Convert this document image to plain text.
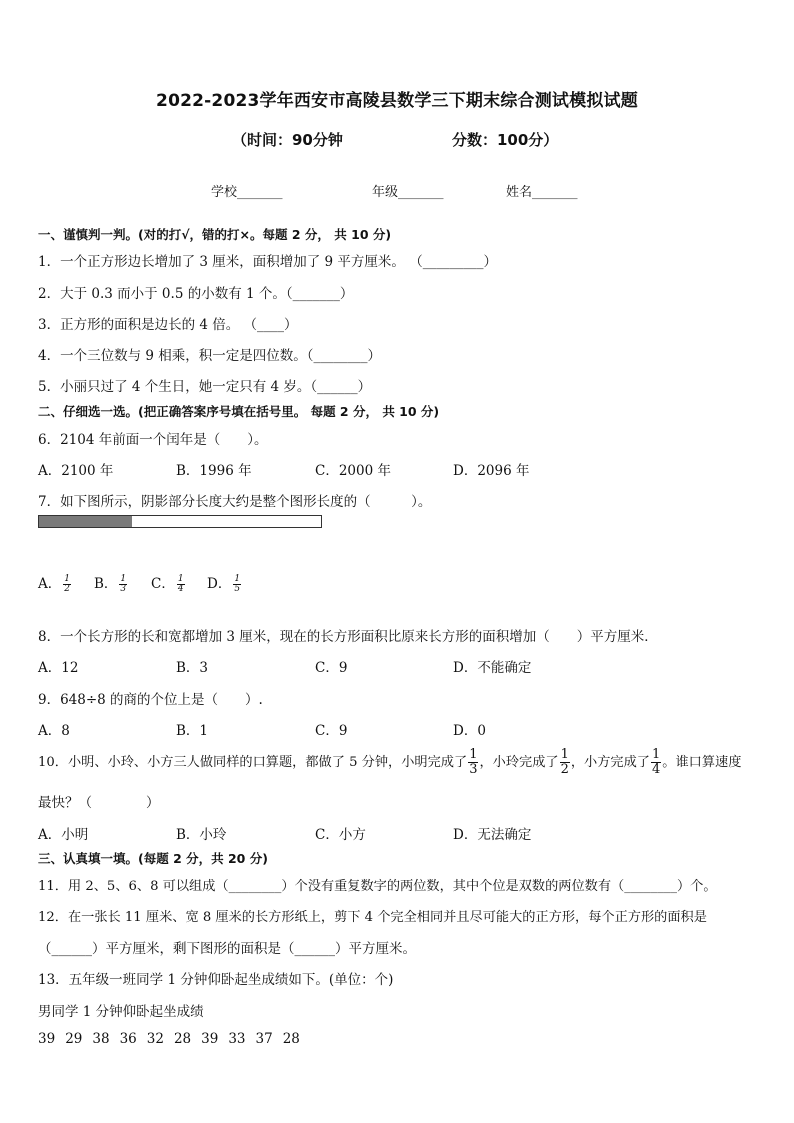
2022-2023学年西安市高陵县数学三下期末综合测试模拟试题
（时间：90分钟	分数：100分）
学校_______	年级_______	姓名_______
一、谨慎判一判。(对的打√，错的打×。每题 2 分， 共 10 分)
1．一个正方形边长增加了 3 厘米，面积增加了 9 平方厘米。 （_________）
2．大于 0.3 而小于 0.5 的小数有 1 个。（_______）
3．正方形的面积是边长的 4 倍。 （____）
4．一个三位数与 9 相乘，积一定是四位数。（________）
5．小丽只过了 4 个生日，她一定只有 4 岁。（______）
二、仔细选一选。(把正确答案序号填在括号里。 每题 2 分， 共 10 分)
6．2104 年前面一个闰年是（　　）。
A．2100 年	B．1996 年	C．2000 年	D．2096 年
7．如下图所示，阴影部分长度大约是整个图形长度的（　　　）。
A． $\frac{1}{2}$ B． $\frac{1}{3}$ C． $\frac{1}{4}$ D． $\frac{1}{5}$
8．一个长方形的长和宽都增加 3 厘米，现在的长方形面积比原来长方形的面积增加（　　）平方厘米．
A．12	B．3	C．9	D．不能确定
9．648÷8 的商的个位上是（　　）.
A．8	B．1	C．9	D．0
10．小明、小玲、小方三人做同样的口算题，都做了 5 分钟，小明完成了 $\frac{1}{3}$ ，小玲完成了 $\frac{1}{2}$ ，小方完成了 $\frac{1}{4}$ 。谁口算速度
最快？（　　　　）
A．小明	B．小玲	C．小方	D．无法确定
三、认真填一填。(每题 2 分，共 20 分)
11．用 2、5、6、8 可以组成（________）个没有重复数字的两位数，其中个位是双数的两位数有（________）个。
12．在一张长 11 厘米、宽 8 厘米的长方形纸上，剪下 4 个完全相同并且尽可能大的正方形，每个正方形的面积是
（______）平方厘米，剩下图形的面积是（______）平方厘米。
13．五年级一班同学 1 分钟仰卧起坐成绩如下。(单位：个)
男同学 1 分钟仰卧起坐成绩
39 29 38 36 32 28 39 33 37 28
